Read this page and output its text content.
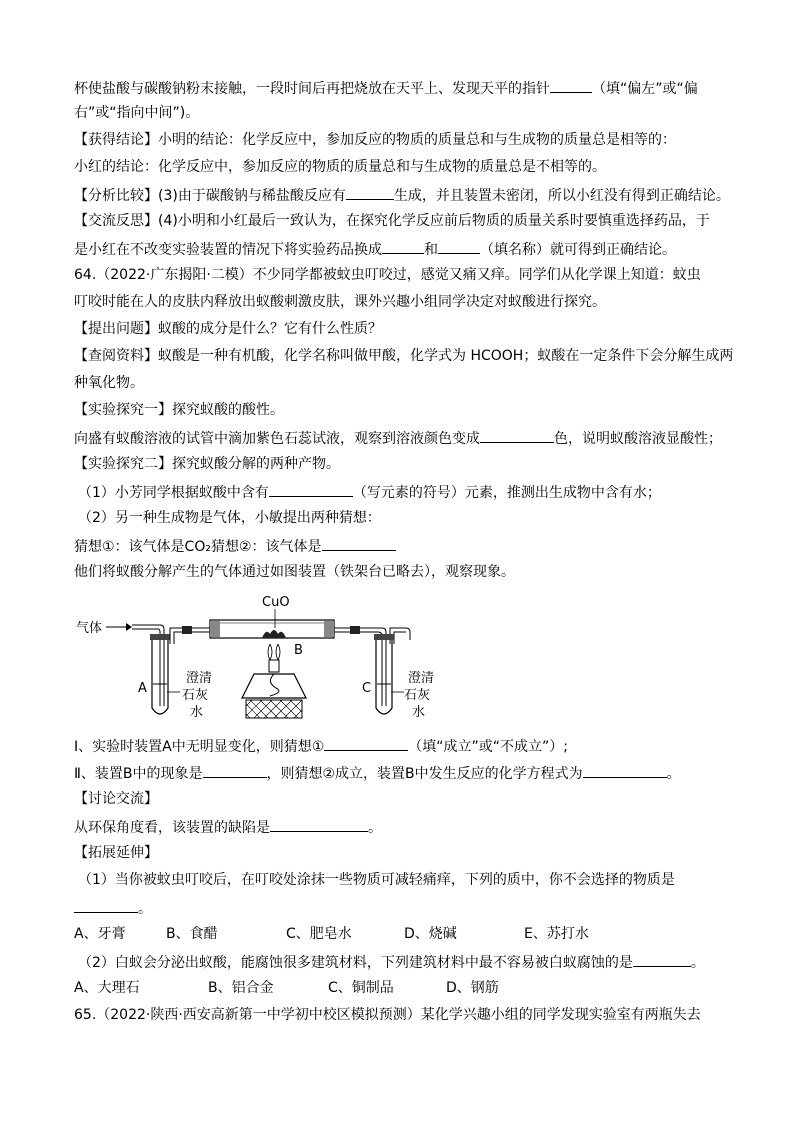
杯使盐酸与碳酸钠粉末接触，一段时间后再把烧放在天平上、发现天平的指针	（填“偏左”或“偏
右”或“指向中间”)。
【获得结论】小明的结论：化学反应中，参加反应的物质的质量总和与生成物的质量总是相等的：
小红的结论：化学反应中，参加反应的物质的质量总和与生成物的质量总是不相等的。
【分析比较】(3)由于碳酸钠与稀盐酸反应有	生成，并且装置未密闭，所以小红没有得到正确结论。
【交流反思】(4)小明和小红最后一致认为，在探究化学反应前后物质的质量关系时要慎重选择药品，于
是小红在不改变实验装置的情况下将实验药品换成	和	（填名称）就可得到正确结论。
64.（2022·广东揭阳·二模）不少同学都被蚊虫叮咬过，感觉又痛又痒。同学们从化学课上知道：蚊虫
叮咬时能在人的皮肤内释放出蚁酸刺激皮肤，课外兴趣小组同学决定对蚁酸进行探究。
【提出问题】蚁酸的成分是什么？它有什么性质？
【查阅资料】蚁酸是一种有机酸，化学名称叫做甲酸，化学式为 HCOOH；蚁酸在一定条件下会分解生成两
种氧化物。
【实验探究一】探究蚁酸的酸性。
向盛有蚁酸溶液的试管中滴加紫色石蕊试液，观察到溶液颜色变成	色，说明蚁酸溶液显酸性；
【实验探究二】探究蚁酸分解的两种产物。
（1）小芳同学根据蚁酸中含有	（写元素的符号）元素，推测出生成物中含有水；
（2）另一种生成物是气体，小敏提出两种猜想：
猜想①：该气体是CO₂猜想②：该气体是
他们将蚁酸分解产生的气体通过如图装置（铁架台已略去），观察现象。
气体
A
澄清
石灰
水
CuO
B
C
澄清
石灰
水
Ⅰ、实验时装置A中无明显变化，则猜想①	（填“成立”或“不成立”）;
Ⅱ、装置B中的现象是	，则猜想②成立，装置B中发生反应的化学方程式为	。
【讨论交流】
从环保角度看，该装置的缺陷是	。
【拓展延伸】
（1）当你被蚊虫叮咬后，在叮咬处涂抹一些物质可减轻痛痒，下列的质中，你不会选择的物质是
。
A、牙膏	B、食醋	C、肥皂水	D、烧碱	E、苏打水
（2）白蚁会分泌出蚁酸，能腐蚀很多建筑材料，下列建筑材料中最不容易被白蚁腐蚀的是	。
A、大理石	B、铝合金	C、铜制品	D、钢筋
65.（2022·陕西·西安高新第一中学初中校区模拟预测）某化学兴趣小组的同学发现实验室有两瓶失去
